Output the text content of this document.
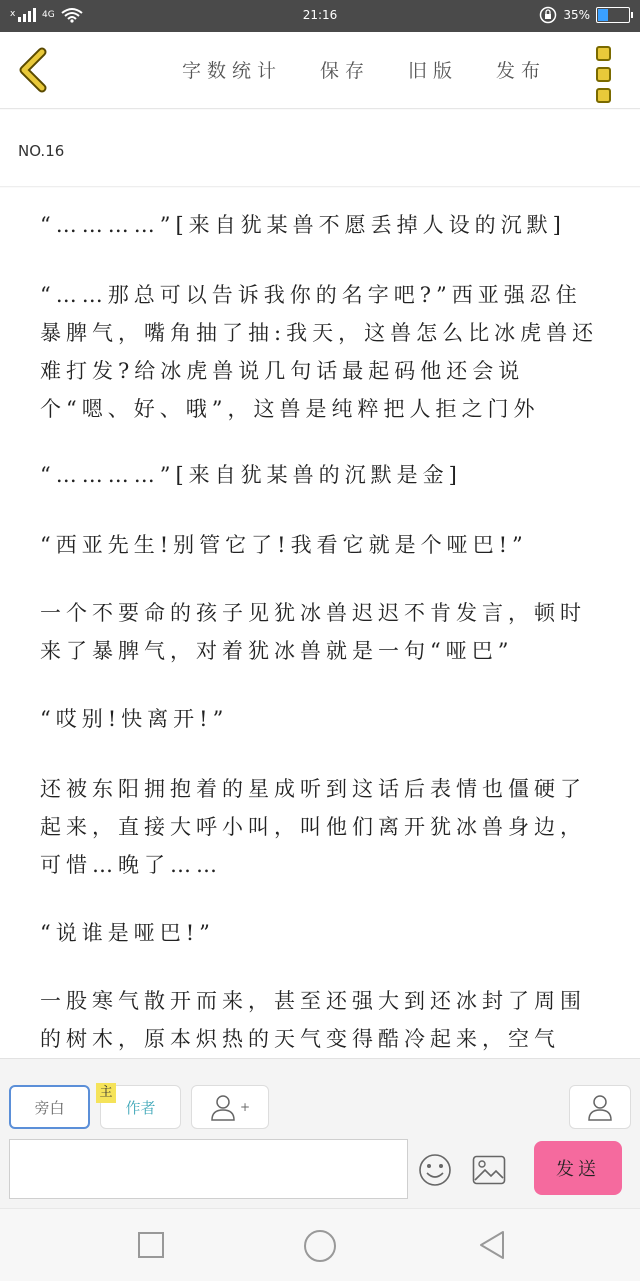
x	4G	21:16	35%
字数统计 保存 旧版 发布
NO.16
“…………”[来自犹某兽不愿丢掉人设的沉默]
“……那总可以告诉我你的名字吧?”西亚强忍住暴脾气，嘴角抽了抽:我天，这兽怎么比冰虎兽还难打发?给冰虎兽说几句话最起码他还会说个“嗯、好、哦”，这兽是纯粹把人拒之门外
“…………”[来自犹某兽的沉默是金]
“西亚先生!别管它了!我看它就是个哑巴!”
一个不要命的孩子见犹冰兽迟迟不肯发言，顿时来了暴脾气，对着犹冰兽就是一句“哑巴”
“哎别!快离开!”
还被东阳拥抱着的星成听到这话后表情也僵硬了起来，直接大呼小叫，叫他们离开犹冰兽身边，可惜…晚了……
“说谁是哑巴!”
一股寒气散开而来，甚至还强大到还冰封了周围的树木，原本炽热的天气变得酷冷起来，空气
旁白	作者
主
+
发送
